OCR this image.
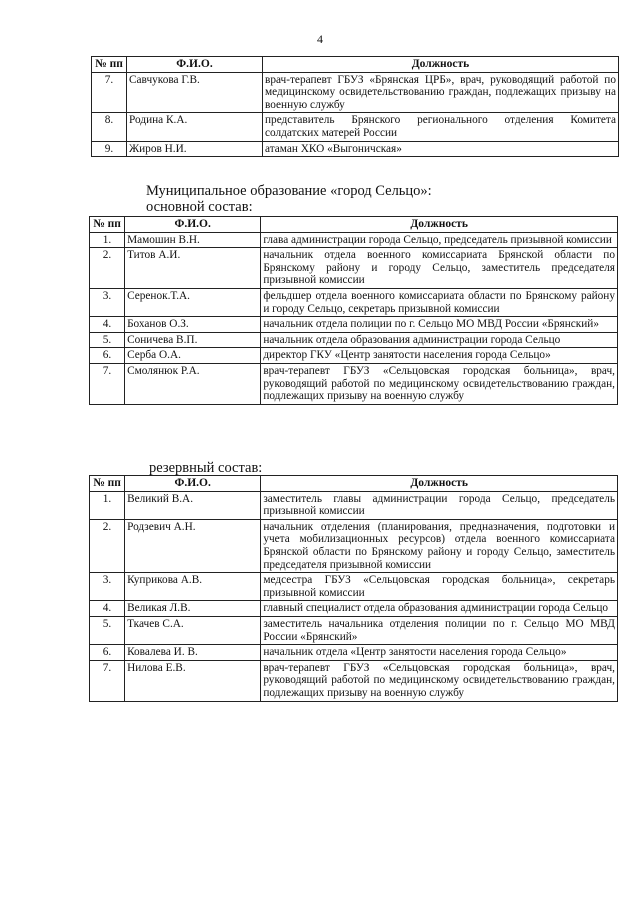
4
№ пп	Ф.И.О.	Должность
7.	Савчукова Г.В.	врач-терапевт ГБУЗ «Брянская ЦРБ», врач, руководящий работой по медицинскому освидетельствованию граждан, подлежащих призыву на военную службу
8.	Родина К.А.	представитель Брянского регионального отделения Комитета солдатских матерей России
9.	Жиров Н.И.	атаман ХКО «Выгоничская»
Муниципальное образование «город Сельцо»:
основной состав:
№ пп	Ф.И.О.	Должность
1.	Мамошин В.Н.	глава администрации города Сельцо, председатель призывной комиссии
2.	Титов А.И.	начальник отдела военного комиссариата Брянской области по Брянскому району и городу Сельцо, заместитель председателя призывной комиссии
3.	Серенок.Т.А.	фельдшер отдела военного комиссариата области по Брянскому району и городу Сельцо, секретарь призывной комиссии
4.	Боханов О.З.	начальник отдела полиции по г. Сельцо МО МВД России «Брянский»
5.	Соничева В.П.	начальник отдела образования администрации города Сельцо
6.	Серба О.А.	директор ГКУ «Центр занятости населения города Сельцо»
7.	Смолянюк Р.А.	врач-терапевт ГБУЗ «Сельцовская городская больница», врач, руководящий работой по медицинскому освидетельствованию граждан, подлежащих призыву на военную службу
резервный состав:
№ пп	Ф.И.О.	Должность
1.	Великий В.А.	заместитель главы администрации города Сельцо, председатель призывной комиссии
2.	Родзевич А.Н.	начальник отделения (планирования, предназначения, подготовки и учета мобилизационных ресурсов) отдела военного комиссариата Брянской области по Брянскому району и городу Сельцо, заместитель председателя призывной комиссии
3.	Куприкова А.В.	медсестра ГБУЗ «Сельцовская городская больница», секретарь призывной комиссии
4.	Великая Л.В.	главный специалист отдела образования администрации города Сельцо
5.	Ткачев С.А.	заместитель начальника отделения полиции по г. Сельцо МО МВД России «Брянский»
6.	Ковалева И. В.	начальник отдела «Центр занятости населения города Сельцо»
7.	Нилова Е.В.	врач-терапевт ГБУЗ «Сельцовская городская больница», врач, руководящий работой по медицинскому освидетельствованию граждан, подлежащих призыву на военную службу
